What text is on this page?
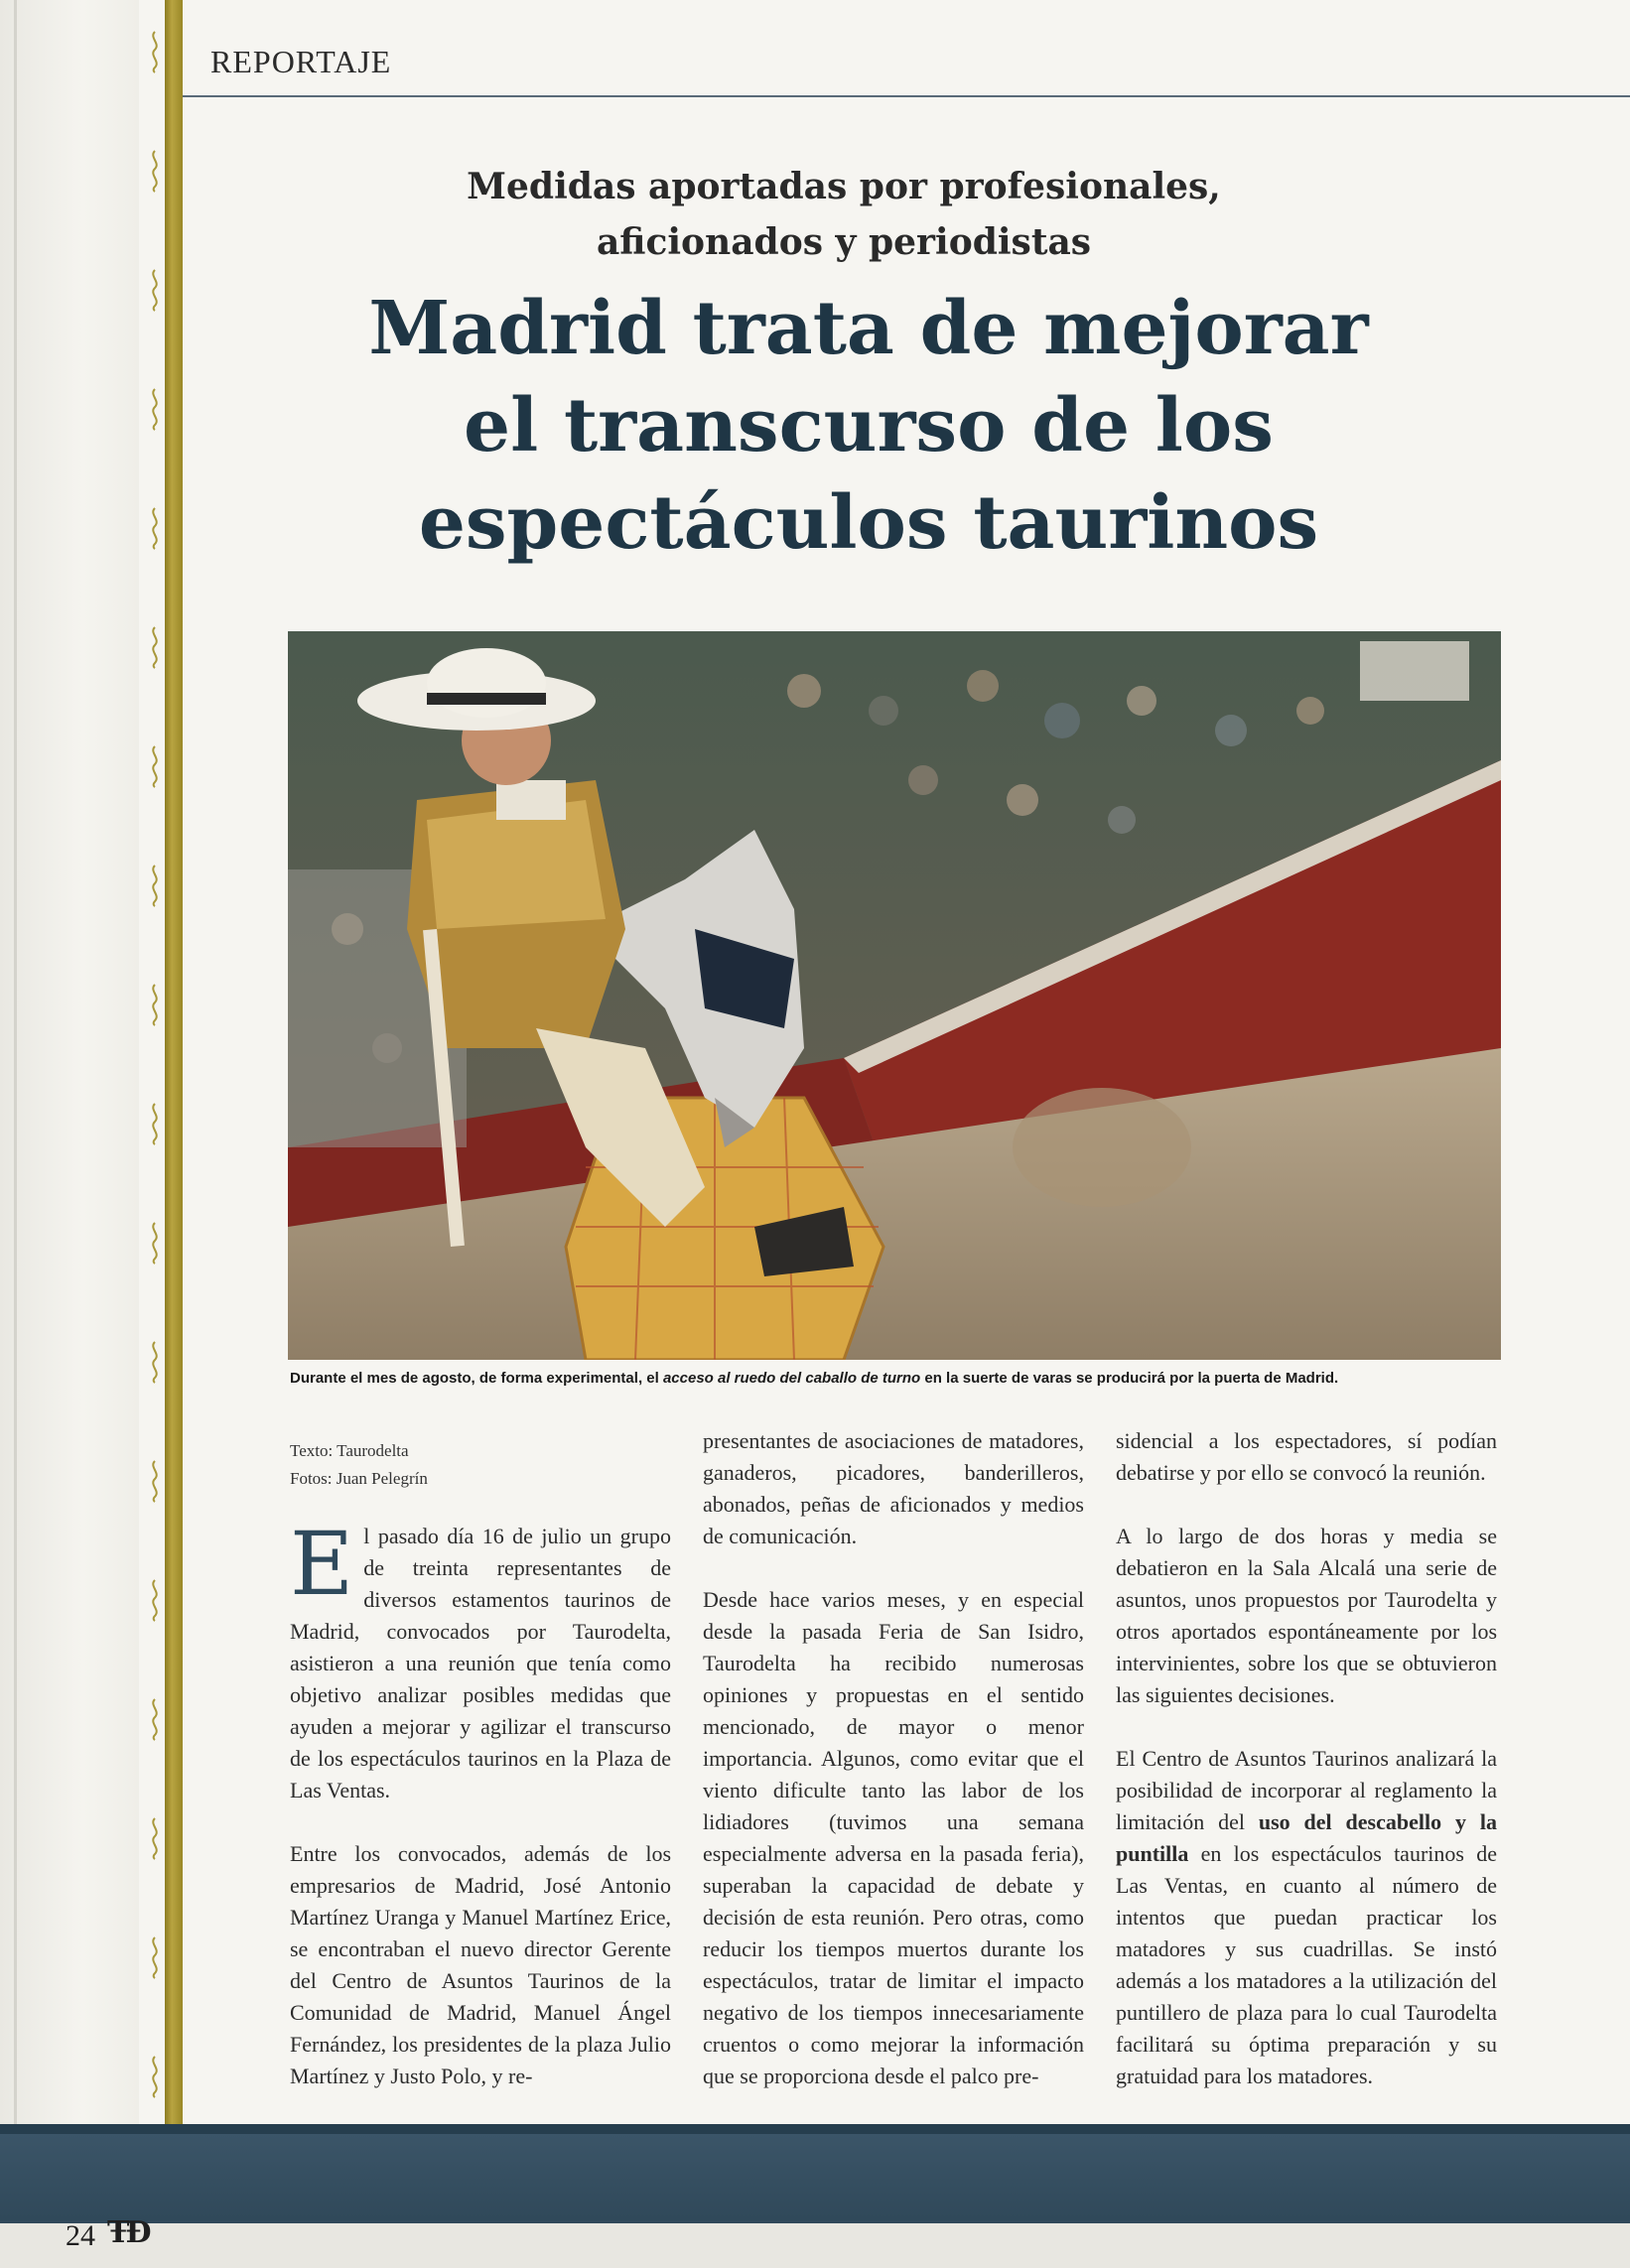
REPORTAJE
Medidas aportadas por profesionales,
aficionados y periodistas
Madrid trata de mejorar
el transcurso de los
espectáculos taurinos
Durante el mes de agosto, de forma experimental, el acceso al ruedo del caballo de turno en la suerte de varas se producirá por la puerta de Madrid.
Texto: Taurodelta
Fotos: Juan Pelegrín

El pasado día 16 de julio un grupo de treinta representantes de diversos estamentos taurinos de Madrid, convocados por Taurodelta, asistieron a una reunión que tenía como objetivo analizar posibles medidas que ayuden a mejorar y agilizar el transcurso de los espectáculos taurinos en la Plaza de Las Ventas.

Entre los convocados, además de los empresarios de Madrid, José Antonio Martínez Uranga y Manuel Martínez Erice, se encontraban el nuevo director Gerente del Centro de Asuntos Taurinos de la Comunidad de Madrid, Manuel Ángel Fernández, los presidentes de la plaza Julio Martínez y Justo Polo, y re-

presentantes de asociaciones de matadores, ganaderos, picadores, banderilleros, abonados, peñas de aficionados y medios de comunicación.

Desde hace varios meses, y en especial desde la pasada Feria de San Isidro, Taurodelta ha recibido numerosas opiniones y propuestas en el sentido mencionado, de mayor o menor importancia. Algunos, como evitar que el viento dificulte tanto las labor de los lidiadores (tuvimos una semana especialmente adversa en la pasada feria), superaban la capacidad de debate y decisión de esta reunión. Pero otras, como reducir los tiempos muertos durante los espectáculos, tratar de limitar el impacto negativo de los tiempos innecesariamente cruentos o como mejorar la información que se proporciona desde el palco pre-

sidencial a los espectadores, sí podían debatirse y por ello se convocó la reunión.

A lo largo de dos horas y media se debatieron en la Sala Alcalá una serie de asuntos, unos propuestos por Taurodelta y otros aportados espontáneamente por los intervinientes, sobre los que se obtuvieron las siguientes decisiones.

El Centro de Asuntos Taurinos analizará la posibilidad de incorporar al reglamento la limitación del uso del descabello y la puntilla en los espectáculos taurinos de Las Ventas, en cuanto al número de intentos que puedan practicar los matadores y sus cuadrillas. Se instó además a los matadores a la utilización del puntillero de plaza para lo cual Taurodelta facilitará su óptima preparación y su gratuidad para los matadores.

24 ŦĐ
